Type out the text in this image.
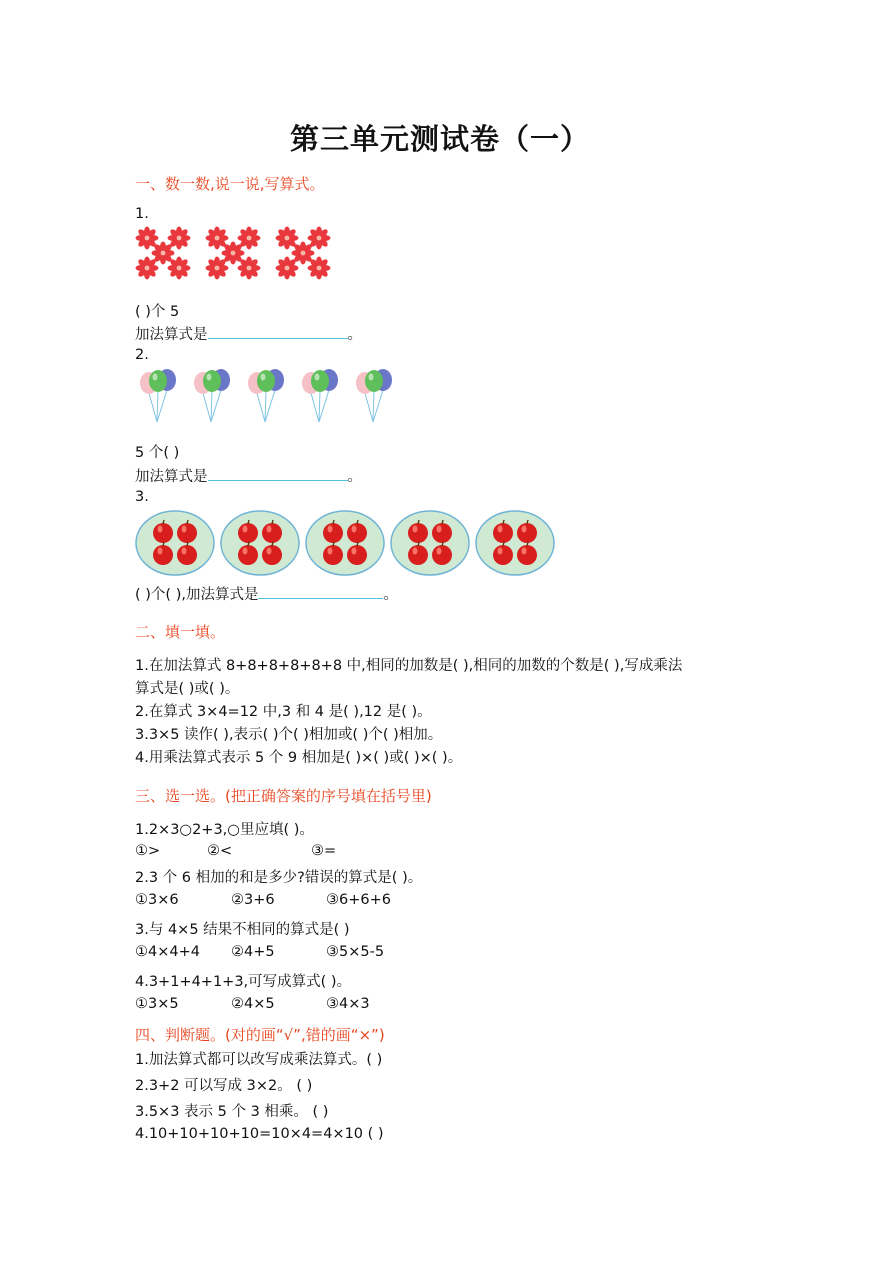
第三单元测试卷（一）
一、数一数,说一说,写算式。
1.
( )个 5
加法算式是	。
2.
5 个( )
加法算式是	。
3.
( )个( ),加法算式是	。
二、填一填。
1.在加法算式 8+8+8+8+8+8 中,相同的加数是( ),相同的加数的个数是( ),写成乘法
算式是( )或( )。
2.在算式 3×4=12 中,3 和 4 是( ),12 是( )。
3.3×5 读作( ),表示( )个( )相加或( )个( )相加。
4.用乘法算式表示 5 个 9 相加是( )×( )或( )×( )。
三、选一选。(把正确答案的序号填在括号里)
1.2×3○2+3,○里应填( )。
①>	②<	③=
2.3 个 6 相加的和是多少?错误的算式是( )。
①3×6	②3+6	③6+6+6
3.与 4×5 结果不相同的算式是( )
①4×4+4 ②4+5	③5×5-5
4.3+1+4+1+3,可写成算式( )。
①3×5	②4×5	③4×3
四、判断题。(对的画“√”,错的画“×”)
1.加法算式都可以改写成乘法算式。( )
2.3+2 可以写成 3×2。 ( )
3.5×3 表示 5 个 3 相乘。 ( )
4.10+10+10+10=10×4=4×10 ( )
